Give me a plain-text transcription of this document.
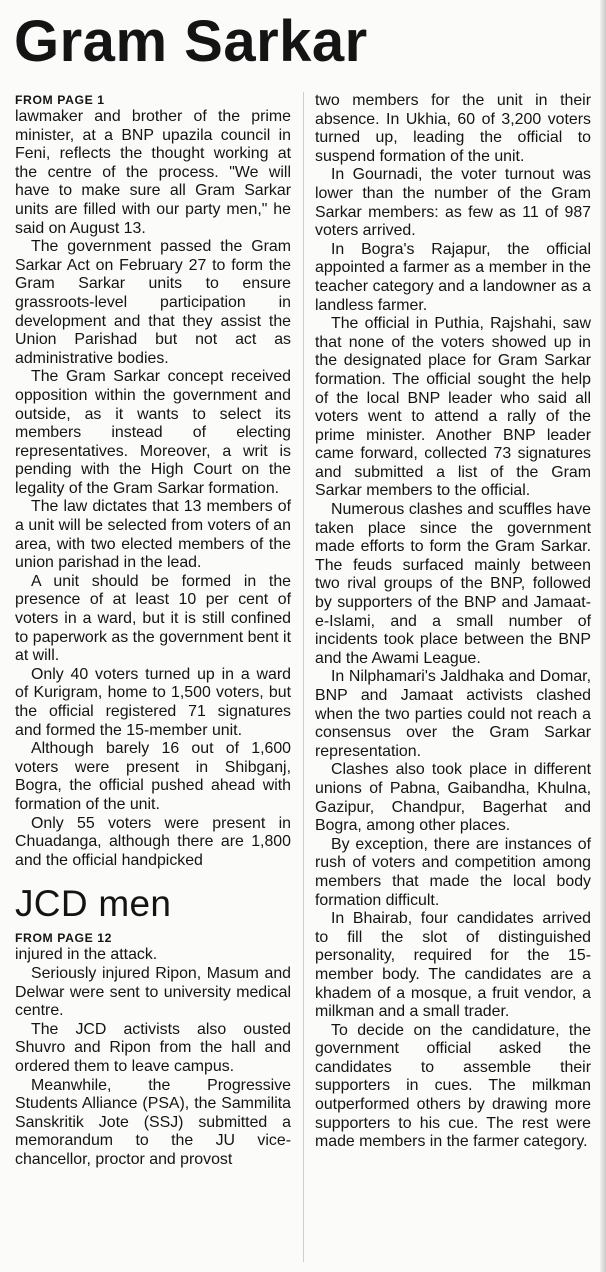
Gram Sarkar
FROM PAGE 1

lawmaker and brother of the prime minister, at a BNP upazila council in Feni, reflects the thought working at the centre of the process. "We will have to make sure all Gram Sarkar units are filled with our party men," he said on August 13.

The government passed the Gram Sarkar Act on February 27 to form the Gram Sarkar units to ensure grassroots-level participation in development and that they assist the Union Parishad but not act as administrative bodies.

The Gram Sarkar concept received opposition within the government and outside, as it wants to select its members instead of electing representatives. Moreover, a writ is pending with the High Court on the legality of the Gram Sarkar formation.

The law dictates that 13 members of a unit will be selected from voters of an area, with two elected members of the union parishad in the lead.

A unit should be formed in the presence of at least 10 per cent of voters in a ward, but it is still confined to paperwork as the government bent it at will.

Only 40 voters turned up in a ward of Kurigram, home to 1,500 voters, but the official registered 71 signatures and formed the 15-member unit.

Although barely 16 out of 1,600 voters were present in Shibganj, Bogra, the official pushed ahead with formation of the unit.

Only 55 voters were present in Chuadanga, although there are 1,800 and the official handpicked

JCD men
FROM PAGE 12

injured in the attack.

Seriously injured Ripon, Masum and Delwar were sent to university medical centre.

The JCD activists also ousted Shuvro and Ripon from the hall and ordered them to leave campus.

Meanwhile, the Progressive Students Alliance (PSA), the Sammilita Sanskritik Jote (SSJ) submitted a memorandum to the JU vice-chancellor, proctor and provost

two members for the unit in their absence. In Ukhia, 60 of 3,200 voters turned up, leading the official to suspend formation of the unit.

In Gournadi, the voter turnout was lower than the number of the Gram Sarkar members: as few as 11 of 987 voters arrived.

In Bogra's Rajapur, the official appointed a farmer as a member in the teacher category and a landowner as a landless farmer.

The official in Puthia, Rajshahi, saw that none of the voters showed up in the designated place for Gram Sarkar formation. The official sought the help of the local BNP leader who said all voters went to attend a rally of the prime minister. Another BNP leader came forward, collected 73 signatures and submitted a list of the Gram Sarkar members to the official.

Numerous clashes and scuffles have taken place since the government made efforts to form the Gram Sarkar. The feuds surfaced mainly between two rival groups of the BNP, followed by supporters of the BNP and Jamaat-e-Islami, and a small number of incidents took place between the BNP and the Awami League.

In Nilphamari's Jaldhaka and Domar, BNP and Jamaat activists clashed when the two parties could not reach a consensus over the Gram Sarkar representation.

Clashes also took place in different unions of Pabna, Gaibandha, Khulna, Gazipur, Chandpur, Bagerhat and Bogra, among other places.

By exception, there are instances of rush of voters and competition among members that made the local body formation difficult.

In Bhairab, four candidates arrived to fill the slot of distinguished personality, required for the 15-member body. The candidates are a khadem of a mosque, a fruit vendor, a milkman and a small trader.

To decide on the candidature, the government official asked the candidates to assemble their supporters in cues. The milkman outperformed others by drawing more supporters to his cue. The rest were made members in the farmer category.
